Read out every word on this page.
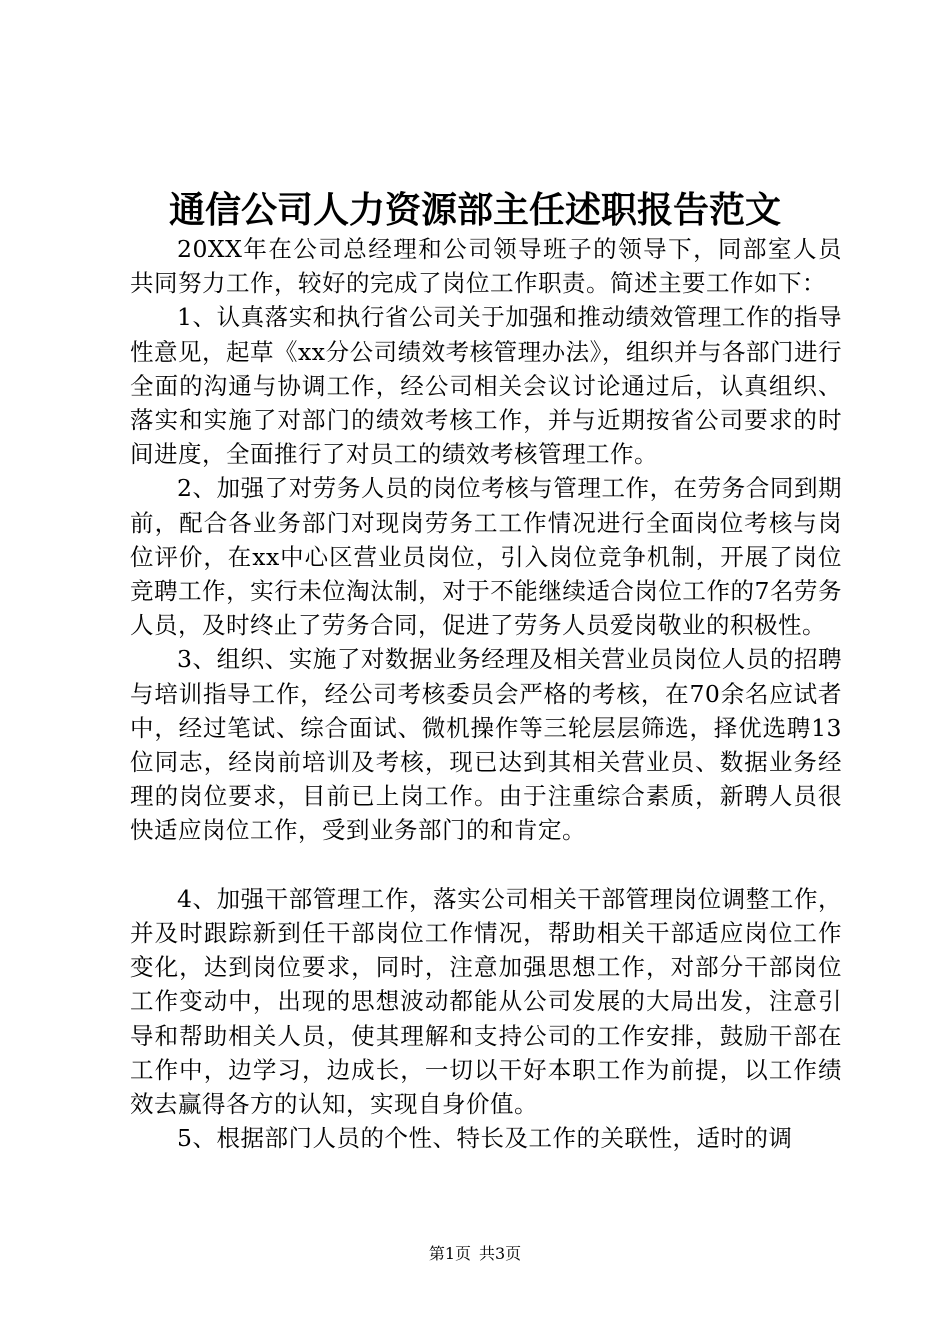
通信公司人力资源部主任述职报告范文

20XX年在公司总经理和公司领导班子的领导下，同部室人员共同努力工作，较好的完成了岗位工作职责。简述主要工作如下：

1、认真落实和执行省公司关于加强和推动绩效管理工作的指导性意见，起草《xx分公司绩效考核管理办法》，组织并与各部门进行全面的沟通与协调工作，经公司相关会议讨论通过后，认真组织、落实和实施了对部门的绩效考核工作，并与近期按省公司要求的时间进度，全面推行了对员工的绩效考核管理工作。

2、加强了对劳务人员的岗位考核与管理工作，在劳务合同到期前，配合各业务部门对现岗劳务工工作情况进行全面岗位考核与岗位评价，在xx中心区营业员岗位，引入岗位竞争机制，开展了岗位竞聘工作，实行未位淘汰制，对于不能继续适合岗位工作的7名劳务人员，及时终止了劳务合同，促进了劳务人员爱岗敬业的积极性。

3、组织、实施了对数据业务经理及相关营业员岗位人员的招聘与培训指导工作，经公司考核委员会严格的考核，在70余名应试者中，经过笔试、综合面试、微机操作等三轮层层筛选，择优选聘13位同志，经岗前培训及考核，现已达到其相关营业员、数据业务经理的岗位要求，目前已上岗工作。由于注重综合素质，新聘人员很快适应岗位工作，受到业务部门的和肯定。

4、加强干部管理工作，落实公司相关干部管理岗位调整工作，并及时跟踪新到任干部岗位工作情况，帮助相关干部适应岗位工作变化，达到岗位要求，同时，注意加强思想工作，对部分干部岗位工作变动中，出现的思想波动都能从公司发展的大局出发，注意引导和帮助相关人员，使其理解和支持公司的工作安排，鼓励干部在工作中，边学习，边成长，一切以干好本职工作为前提，以工作绩效去赢得各方的认知，实现自身价值。

5、根据部门人员的个性、特长及工作的关联性，适时的调

第1页 共3页
